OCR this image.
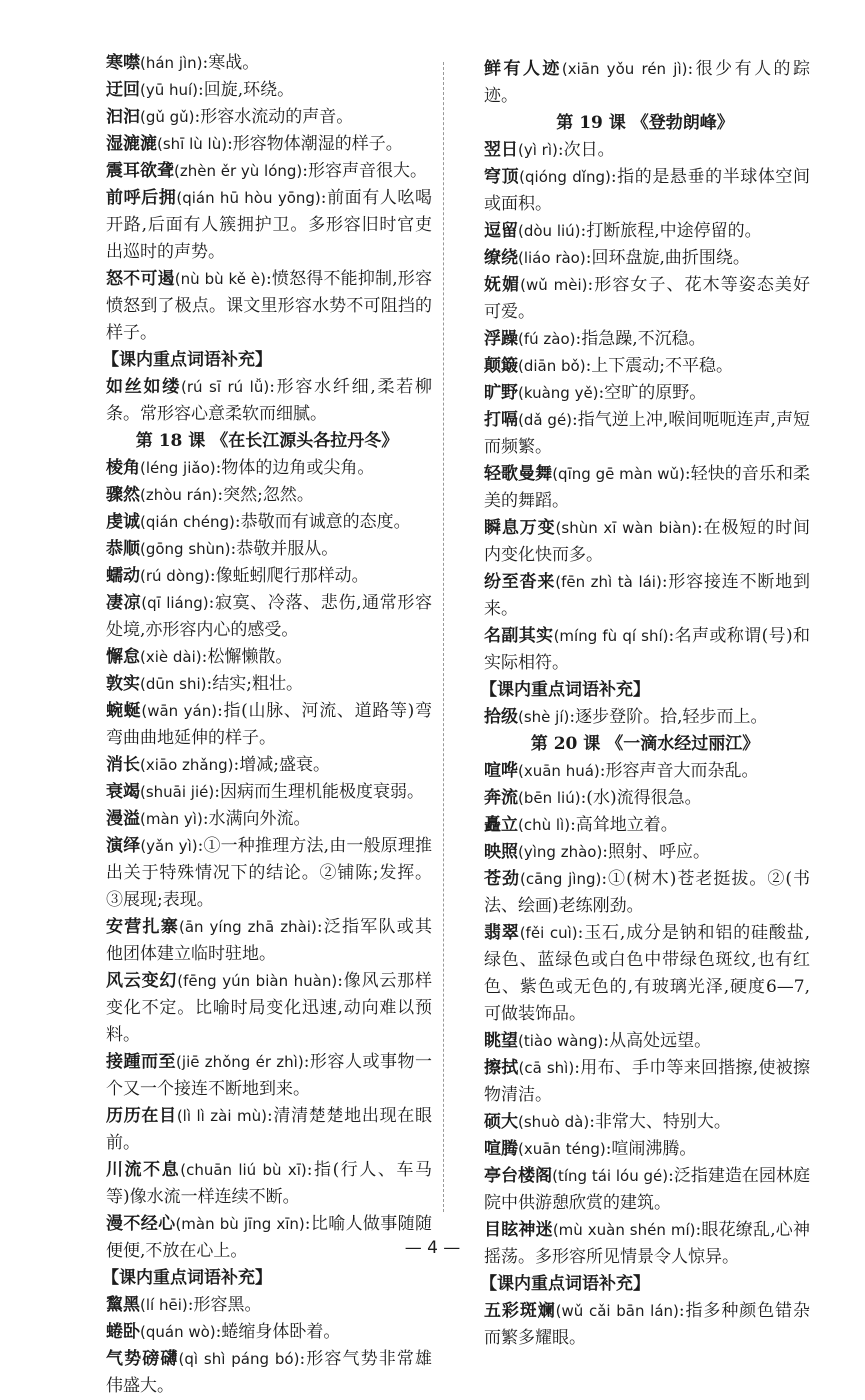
寒噤(hán jìn):寒战。

迂回(yū huí):回旋,环绕。

汩汩(gǔ gǔ):形容水流动的声音。

湿漉漉(shī lù lù):形容物体潮湿的样子。

震耳欲聋(zhèn ěr yù lóng):形容声音很大。

前呼后拥(qián hū hòu yōng):前面有人吆喝开路,后面有人簇拥护卫。多形容旧时官吏出巡时的声势。

怒不可遏(nù bù kě è):愤怒得不能抑制,形容愤怒到了极点。课文里形容水势不可阻挡的样子。

【课内重点词语补充】

如丝如缕(rú sī rú lǚ):形容水纤细,柔若柳条。常形容心意柔软而细腻。

第 18 课 《在长江源头各拉丹冬》

棱角(léng jiǎo):物体的边角或尖角。

骤然(zhòu rán):突然;忽然。

虔诚(qián chéng):恭敬而有诚意的态度。

恭顺(gōng shùn):恭敬并服从。

蠕动(rú dòng):像蚯蚓爬行那样动。

凄凉(qī liáng):寂寞、冷落、悲伤,通常形容处境,亦形容内心的感受。

懈怠(xiè dài):松懈懒散。

敦实(dūn shi):结实;粗壮。

蜿蜒(wān yán):指(山脉、河流、道路等)弯弯曲曲地延伸的样子。

消长(xiāo zhǎng):增减;盛衰。

衰竭(shuāi jié):因病而生理机能极度衰弱。

漫溢(màn yì):水满向外流。

演绎(yǎn yì):①一种推理方法,由一般原理推出关于特殊情况下的结论。②铺陈;发挥。③展现;表现。

安营扎寨(ān yíng zhā zhài):泛指军队或其他团体建立临时驻地。

风云变幻(fēng yún biàn huàn):像风云那样变化不定。比喻时局变化迅速,动向难以预料。

接踵而至(jiē zhǒng ér zhì):形容人或事物一个又一个接连不断地到来。

历历在目(lì lì zài mù):清清楚楚地出现在眼前。

川流不息(chuān liú bù xī):指(行人、车马等)像水流一样连续不断。

漫不经心(màn bù jīng xīn):比喻人做事随随便便,不放在心上。

【课内重点词语补充】

黧黑(lí hēi):形容黑。

蜷卧(quán wò):蜷缩身体卧着。

气势磅礴(qì shì páng bó):形容气势非常雄伟盛大。

鲜有人迹(xiān yǒu rén jì):很少有人的踪迹。

第 19 课 《登勃朗峰》

翌日(yì rì):次日。

穹顶(qióng dǐng):指的是悬垂的半球体空间或面积。

逗留(dòu liú):打断旅程,中途停留的。

缭绕(liáo rào):回环盘旋,曲折围绕。

妩媚(wǔ mèi):形容女子、花木等姿态美好可爱。

浮躁(fú zào):指急躁,不沉稳。

颠簸(diān bǒ):上下震动;不平稳。

旷野(kuàng yě):空旷的原野。

打嗝(dǎ gé):指气逆上冲,喉间呃呃连声,声短而频繁。

轻歌曼舞(qīng gē màn wǔ):轻快的音乐和柔美的舞蹈。

瞬息万变(shùn xī wàn biàn):在极短的时间内变化快而多。

纷至沓来(fēn zhì tà lái):形容接连不断地到来。

名副其实(míng fù qí shí):名声或称谓(号)和实际相符。

【课内重点词语补充】

拾级(shè jí):逐步登阶。拾,轻步而上。

第 20 课 《一滴水经过丽江》

喧哗(xuān huá):形容声音大而杂乱。

奔流(bēn liú):(水)流得很急。

矗立(chù lì):高耸地立着。

映照(yìng zhào):照射、呼应。

苍劲(cāng jìng):①(树木)苍老挺拔。②(书法、绘画)老练刚劲。

翡翠(fěi cuì):玉石,成分是钠和铝的硅酸盐,绿色、蓝绿色或白色中带绿色斑纹,也有红色、紫色或无色的,有玻璃光泽,硬度6—7,可做装饰品。

眺望(tiào wàng):从高处远望。

擦拭(cā shì):用布、手巾等来回揩擦,使被擦物清洁。

硕大(shuò dà):非常大、特别大。

喧腾(xuān téng):喧闹沸腾。

亭台楼阁(tíng tái lóu gé):泛指建造在园林庭院中供游憩欣赏的建筑。

目眩神迷(mù xuàn shén mí):眼花缭乱,心神摇荡。多形容所见情景令人惊异。

【课内重点词语补充】

五彩斑斓(wǔ cǎi bān lán):指多种颜色错杂而繁多耀眼。

— 4 —
